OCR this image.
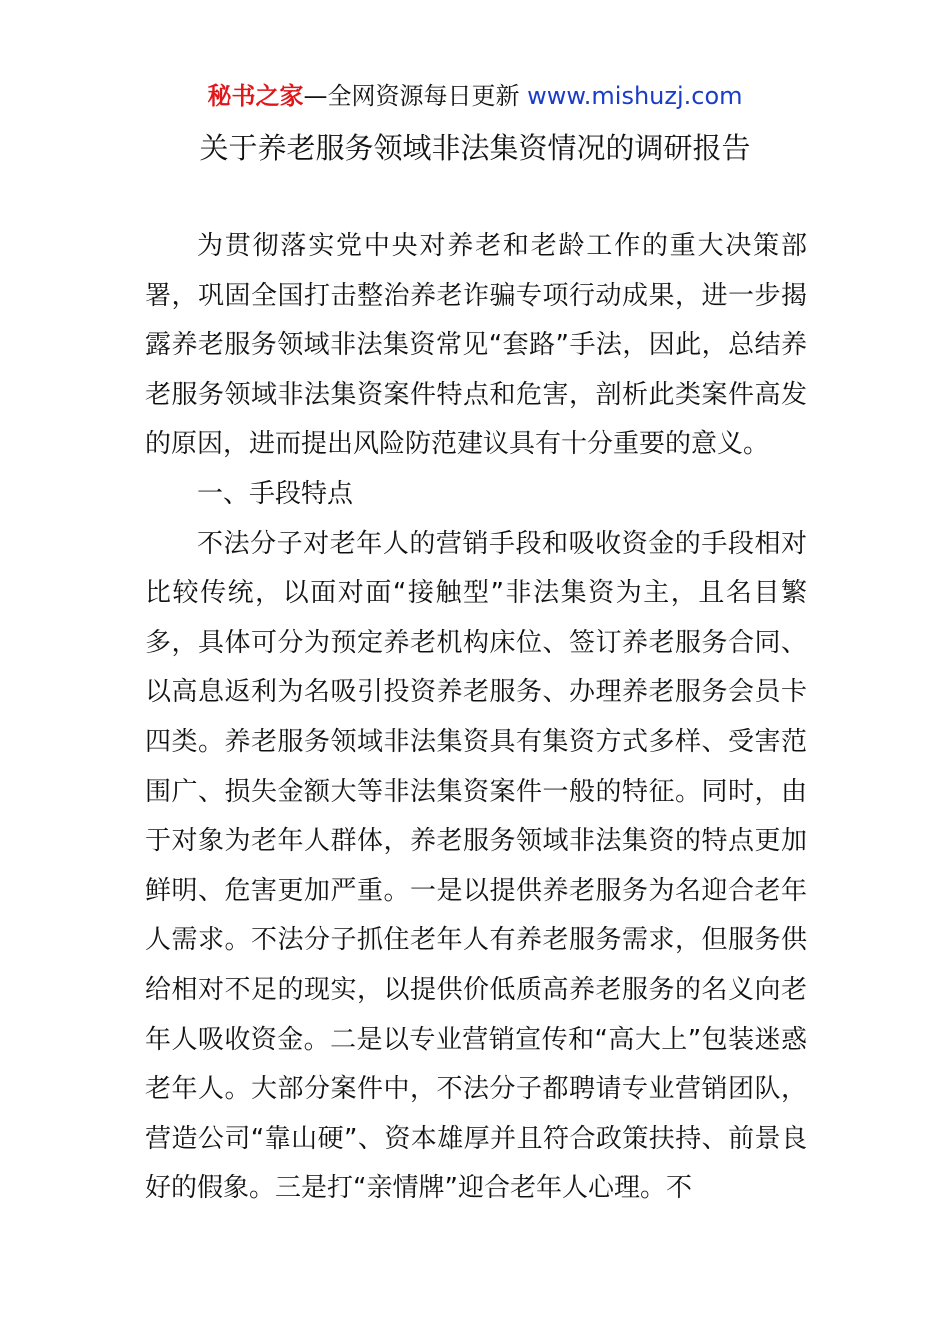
秘书之家—全网资源每日更新 www.mishuzj.com
关于养老服务领域非法集资情况的调研报告

为贯彻落实党中央对养老和老龄工作的重大决策部署，巩固全国打击整治养老诈骗专项行动成果，进一步揭露养老服务领域非法集资常见“套路”手法，因此，总结养老服务领域非法集资案件特点和危害，剖析此类案件高发的原因，进而提出风险防范建议具有十分重要的意义。

一、手段特点

不法分子对老年人的营销手段和吸收资金的手段相对比较传统，以面对面“接触型”非法集资为主，且名目繁多，具体可分为预定养老机构床位、签订养老服务合同、以高息返利为名吸引投资养老服务、办理养老服务会员卡四类。养老服务领域非法集资具有集资方式多样、受害范围广、损失金额大等非法集资案件一般的特征。同时，由于对象为老年人群体，养老服务领域非法集资的特点更加鲜明、危害更加严重。一是以提供养老服务为名迎合老年人需求。不法分子抓住老年人有养老服务需求，但服务供给相对不足的现实，以提供价低质高养老服务的名义向老年人吸收资金。二是以专业营销宣传和“高大上”包装迷惑老年人。大部分案件中，不法分子都聘请专业营销团队，营造公司“靠山硬”、资本雄厚并且符合政策扶持、前景良好的假象。三是打“亲情牌”迎合老年人心理。不
